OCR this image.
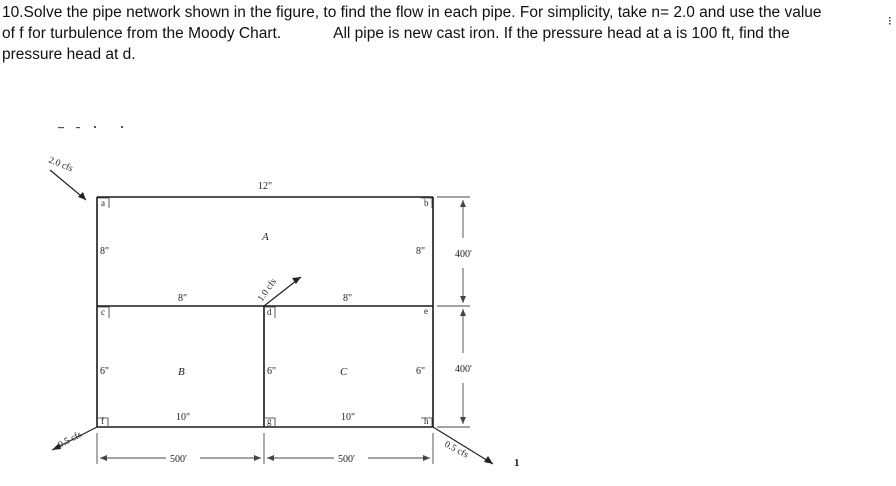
10.Solve the pipe network shown in the figure, to find the flow in each pipe. For simplicity, take n= 2.0 and use the value

of f for turbulence from the Moody Chart.	All pipe is new cast iron. If the pressure head at a is 100 ft, find the

pressure head at d.

a	b
c	d	e
f	g	h
A
B	C
12"
8"	8"
8"	8"
6"	6"	6"
10"	10"
2.0 cfs
1.0 cfs
0.5 cfs	0.5 cfs
500'	500'
400'
400'
1
